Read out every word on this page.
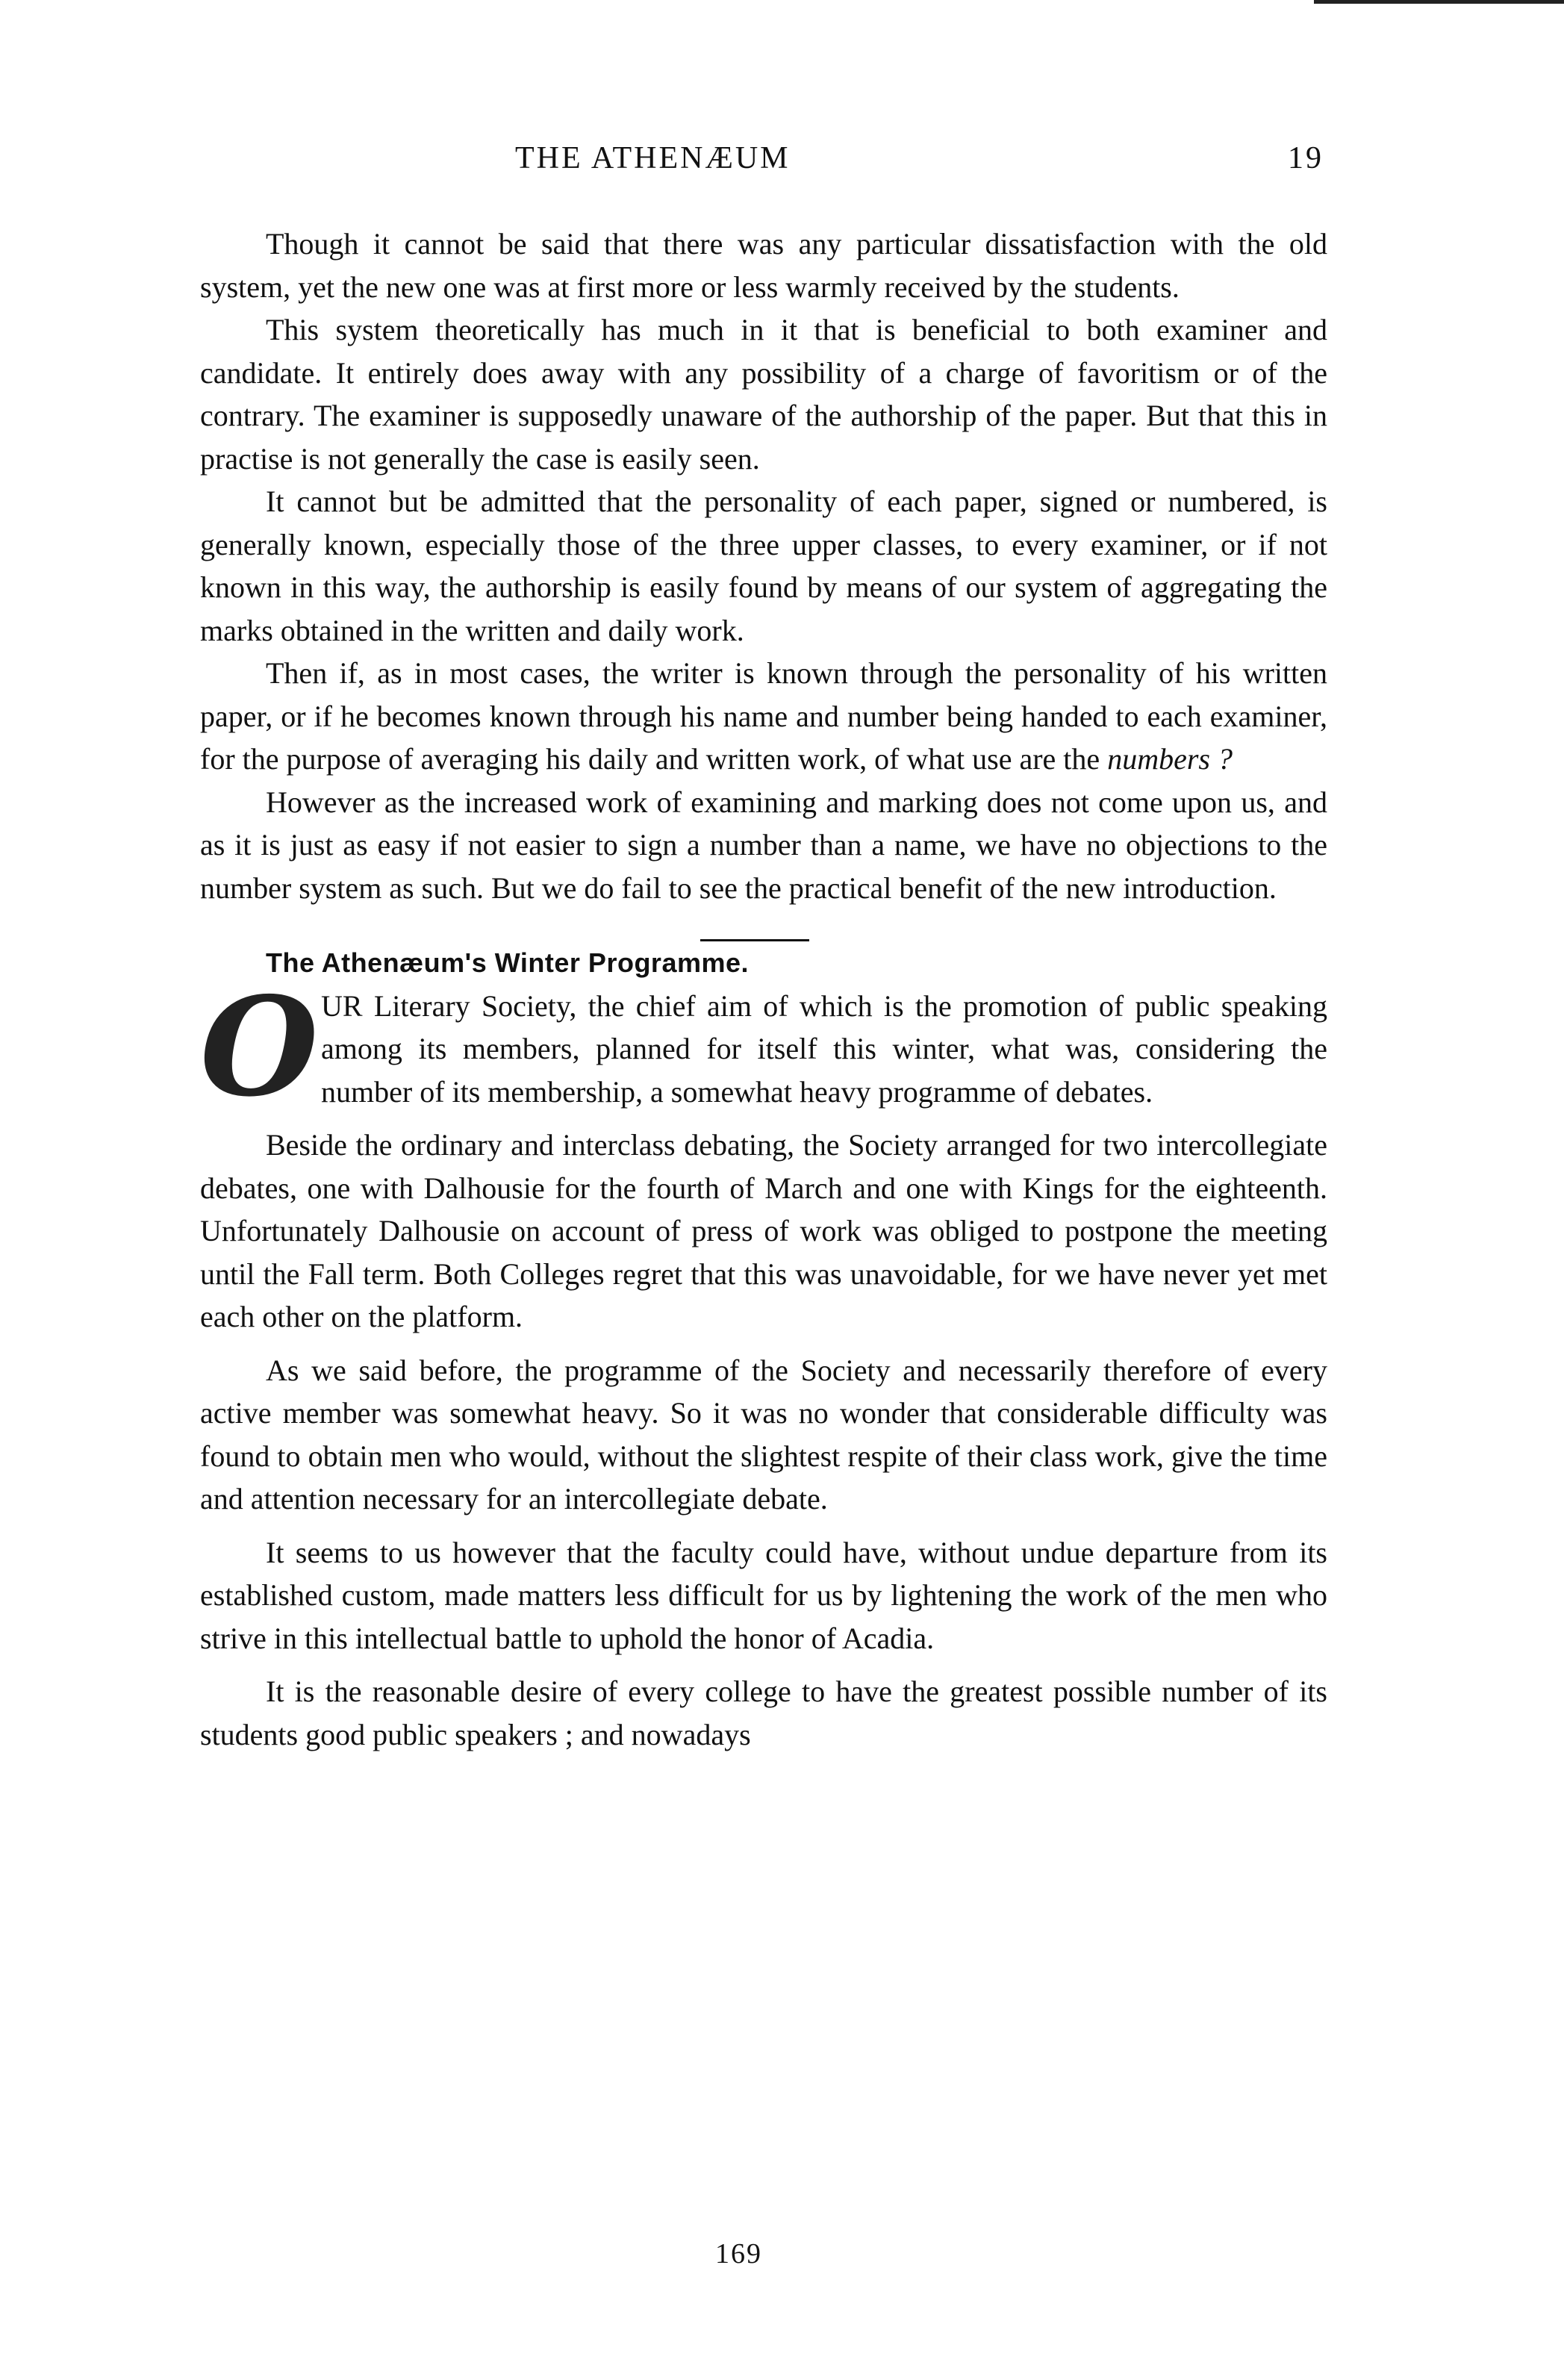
THE ATHENÆUM	19

Though it cannot be said that there was any particular dissatisfaction with the old system, yet the new one was at first more or less warmly received by the students.

This system theoretically has much in it that is beneficial to both examiner and candidate. It entirely does away with any possibility of a charge of favoritism or of the contrary. The examiner is supposedly unaware of the authorship of the paper. But that this in practise is not generally the case is easily seen.

It cannot but be admitted that the personality of each paper, signed or numbered, is generally known, especially those of the three upper classes, to every examiner, or if not known in this way, the authorship is easily found by means of our system of aggregating the marks obtained in the written and daily work.

Then if, as in most cases, the writer is known through the personality of his written paper, or if he becomes known through his name and number being handed to each examiner, for the purpose of averaging his daily and written work, of what use are the numbers ?

However as the increased work of examining and marking does not come upon us, and as it is just as easy if not easier to sign a number than a name, we have no objections to the number system as such. But we do fail to see the practical benefit of the new introduction.

The Athenæum's Winter Programme.

OUR Literary Society, the chief aim of which is the promotion of public speaking among its members, planned for itself this winter, what was, considering the number of its membership, a somewhat heavy programme of debates.

Beside the ordinary and interclass debating, the Society arranged for two intercollegiate debates, one with Dalhousie for the fourth of March and one with Kings for the eighteenth. Unfortunately Dalhousie on account of press of work was obliged to postpone the meeting until the Fall term. Both Colleges regret that this was unavoidable, for we have never yet met each other on the platform.

As we said before, the programme of the Society and necessarily therefore of every active member was somewhat heavy. So it was no wonder that considerable difficulty was found to obtain men who would, without the slightest respite of their class work, give the time and attention necessary for an intercollegiate debate.

It seems to us however that the faculty could have, without undue departure from its established custom, made matters less difficult for us by lightening the work of the men who strive in this intellectual battle to uphold the honor of Acadia.

It is the reasonable desire of every college to have the greatest possible number of its students good public speakers ; and nowadays

169
